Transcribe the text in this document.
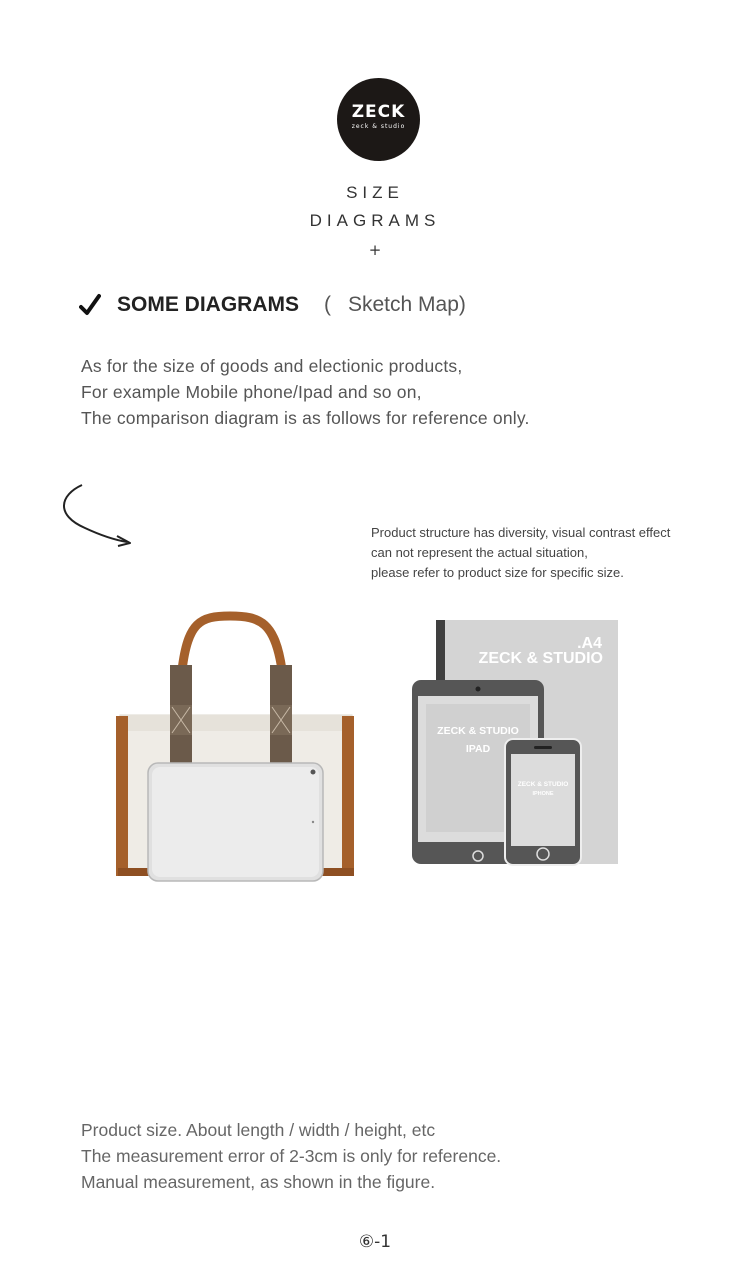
ZECK
zeck & studio
SIZE
DIAGRAMS
+
SOME DIAGRAMS ( Sketch Map)
As for the size of goods and electionic products,
For example Mobile phone/Ipad and so on,
The comparison diagram is as follows for reference only.
Product structure has diversity, visual contrast effect
can not represent the actual situation,
please refer to product size for specific size.
.A4
ZECK & STUDIO
ZECK & STUDIO
IPAD
ZECK & STUDIO
IPHONE
Product size. About length / width / height, etc
The measurement error of 2-3cm is only for reference.
Manual measurement, as shown in the figure.
⑥-1
